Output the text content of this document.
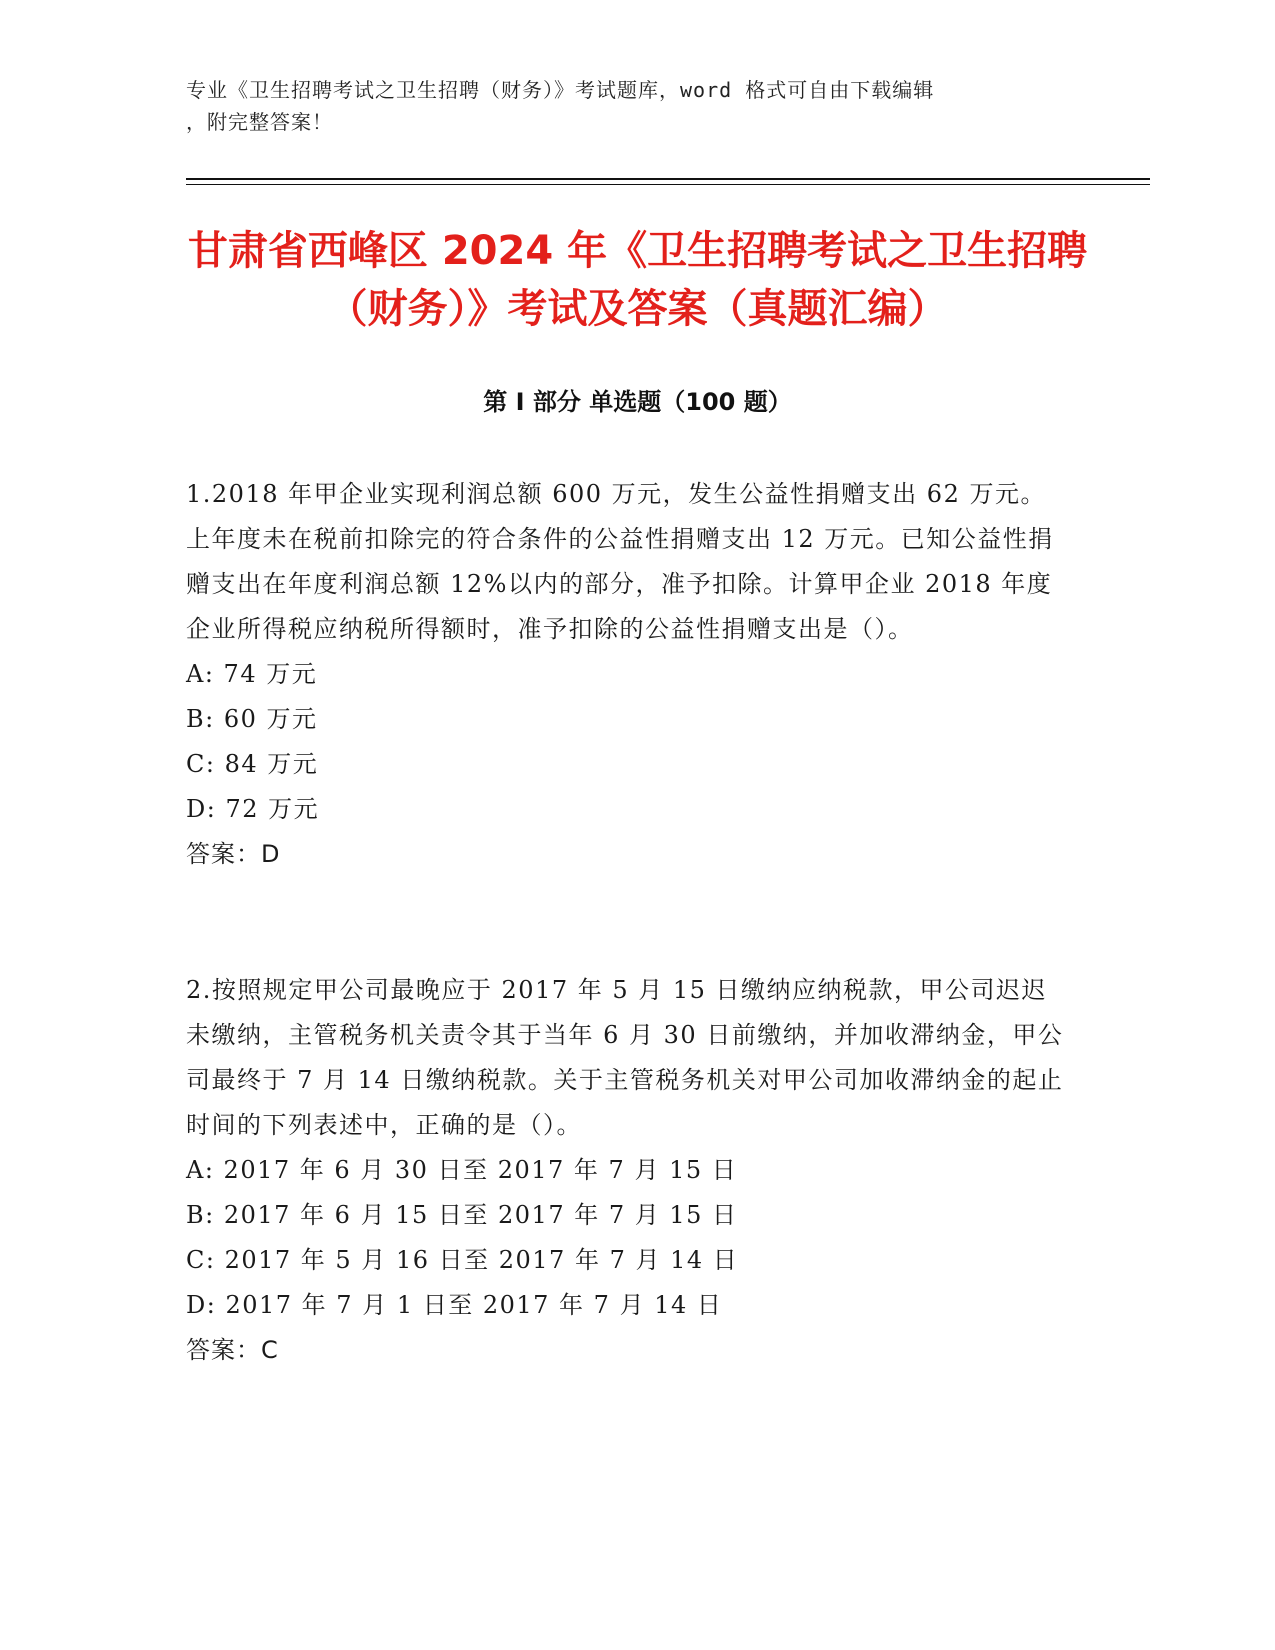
专业《卫生招聘考试之卫生招聘（财务）》考试题库，word 格式可自由下载编辑
，附完整答案！
甘肃省西峰区 2024 年《卫生招聘考试之卫生招聘（财务）》考试及答案（真题汇编）
第 I 部分 单选题（100 题）

1.2018 年甲企业实现利润总额 600 万元，发生公益性捐赠支出 62 万元。上年度未在税前扣除完的符合条件的公益性捐赠支出 12 万元。已知公益性捐赠支出在年度利润总额 12%以内的部分，准予扣除。计算甲企业 2018 年度企业所得税应纳税所得额时，准予扣除的公益性捐赠支出是（）。

A: 74 万元

B: 60 万元

C: 84 万元

D: 72 万元

答案：D

2.按照规定甲公司最晚应于 2017 年 5 月 15 日缴纳应纳税款，甲公司迟迟未缴纳，主管税务机关责令其于当年 6 月 30 日前缴纳，并加收滞纳金，甲公司最终于 7 月 14 日缴纳税款。关于主管税务机关对甲公司加收滞纳金的起止时间的下列表述中，正确的是（）。

A: 2017 年 6 月 30 日至 2017 年 7 月 15 日

B: 2017 年 6 月 15 日至 2017 年 7 月 15 日

C: 2017 年 5 月 16 日至 2017 年 7 月 14 日

D: 2017 年 7 月 1 日至 2017 年 7 月 14 日

答案：C
